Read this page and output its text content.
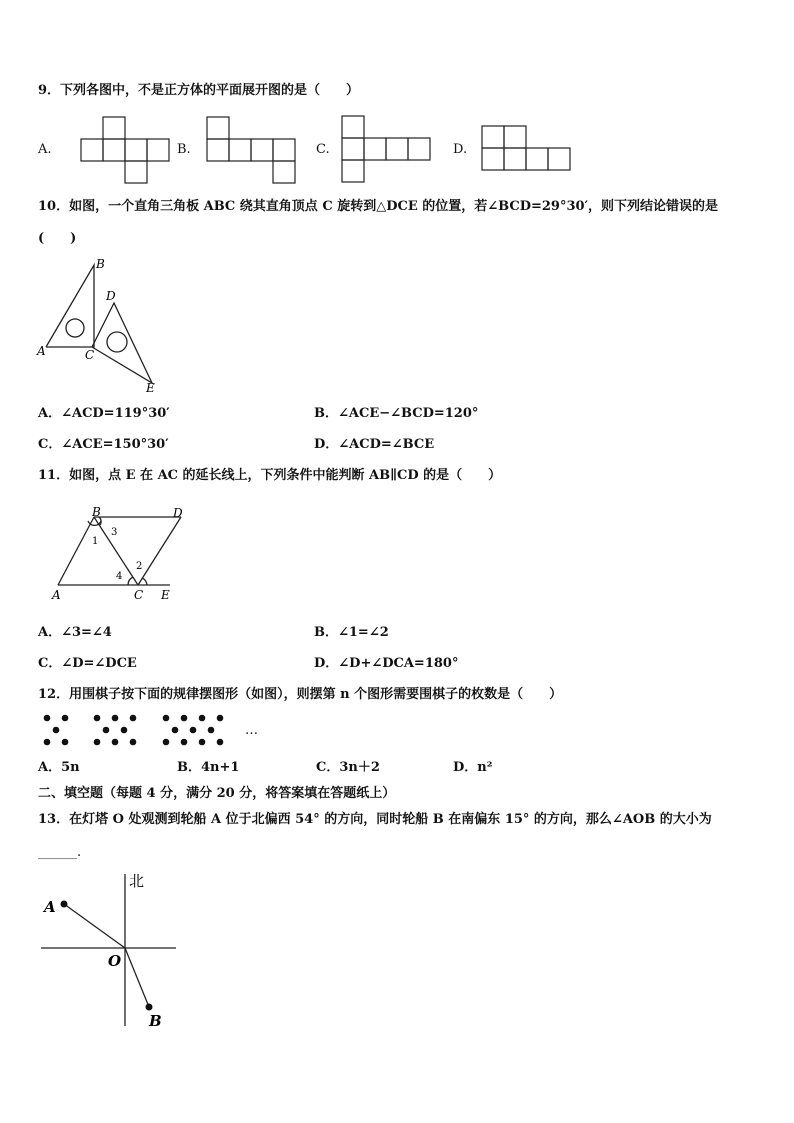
9．下列各图中，不是正方体的平面展开图的是（　　）
A.	B.	C.	D.
10．如图，一个直角三角板 ABC 绕其直角顶点 C 旋转到△DCE 的位置，若∠BCD=29°30′，则下列结论错误的是
(　　)
B
D
A	C
E
A．∠ACD=119°30′	B．∠ACE−∠BCD=120°
C．∠ACE=150°30′	D．∠ACD=∠BCE
11．如图，点 E 在 AC 的延长线上，下列条件中能判断 AB∥CD 的是（　　）
B	D
A	C E
1
3
2
4
A．∠3=∠4	B．∠1=∠2
C．∠D=∠DCE	D．∠D+∠DCA=180°
12．用围棋子按下面的规律摆图形（如图），则摆第 n 个图形需要围棋子的枚数是（　　）
…
A．5n	B．4n+1	C．3n＋2	D．n²
二、填空题（每题 4 分，满分 20 分，将答案填在答题纸上）
13．在灯塔 O 处观测到轮船 A 位于北偏西 54° 的方向，同时轮船 B 在南偏东 15° 的方向，那么∠AOB 的大小为
______.
北
A
O
B
